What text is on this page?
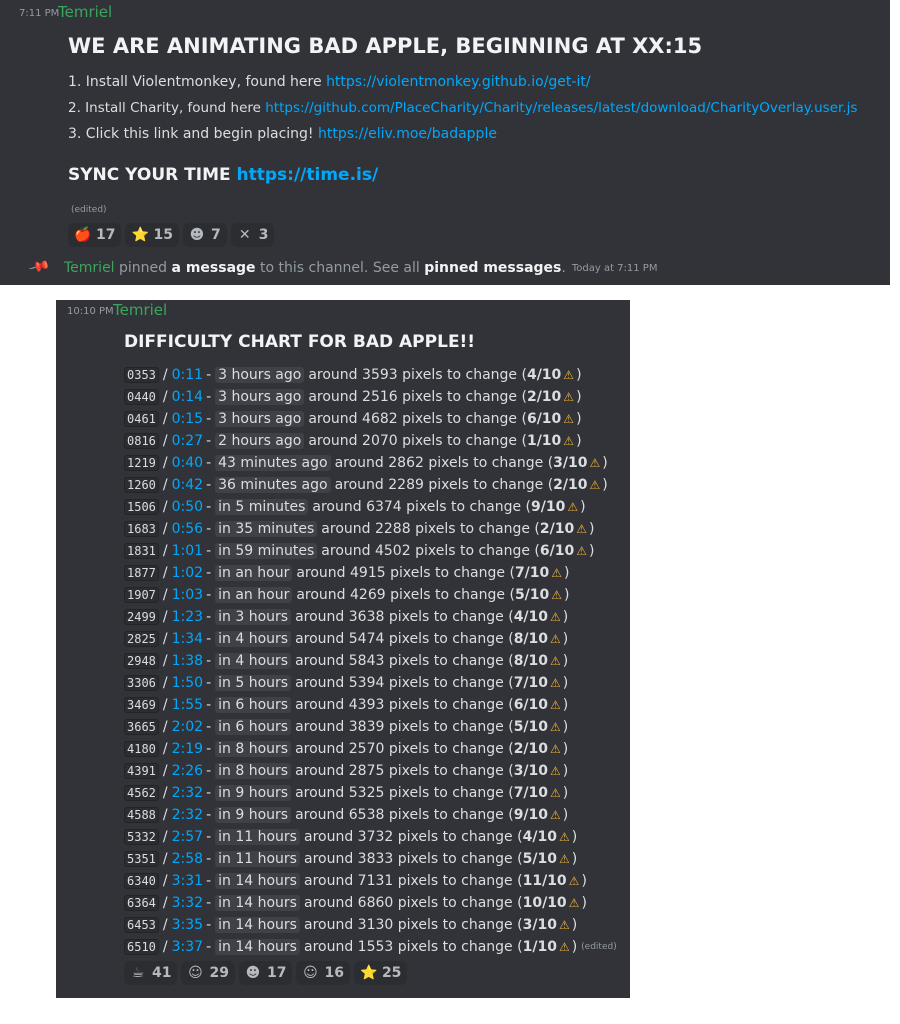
7:11 PM
Temriel
WE ARE ANIMATING BAD APPLE, BEGINNING AT XX:15
1. Install Violentmonkey, found here https://violentmonkey.github.io/get-it/
2. Install Charity, found here https://github.com/PlaceCharity/Charity/releases/latest/download/CharityOverlay.user.js
3. Click this link and begin placing! https://eliv.moe/badapple
SYNC YOUR TIME https://time.is/
(edited)
🍎 17 ⭐ 15 ☻ 7 ✕ 3
📌 Temriel pinned a message to this channel. See all pinned messages . Today at 7:11 PM
10:10 PM Temriel
DIFFICULTY CHART FOR BAD APPLE!!
0353 / 0:11 - 3 hours ago around 3593 pixels to change ( 4/10 ⚠ )
0440 / 0:14 - 3 hours ago around 2516 pixels to change ( 2/10 ⚠ )
0461 / 0:15 - 3 hours ago around 4682 pixels to change ( 6/10 ⚠ )
0816 / 0:27 - 2 hours ago around 2070 pixels to change ( 1/10 ⚠ )
1219 / 0:40 - 43 minutes ago around 2862 pixels to change ( 3/10 ⚠ )
1260 / 0:42 - 36 minutes ago around 2289 pixels to change ( 2/10 ⚠ )
1506 / 0:50 - in 5 minutes around 6374 pixels to change ( 9/10 ⚠ )
1683 / 0:56 - in 35 minutes around 2288 pixels to change ( 2/10 ⚠ )
1831 / 1:01 - in 59 minutes around 4502 pixels to change ( 6/10 ⚠ )
1877 / 1:02 - in an hour around 4915 pixels to change ( 7/10 ⚠ )
1907 / 1:03 - in an hour around 4269 pixels to change ( 5/10 ⚠ )
2499 / 1:23 - in 3 hours around 3638 pixels to change ( 4/10 ⚠ )
2825 / 1:34 - in 4 hours around 5474 pixels to change ( 8/10 ⚠ )
2948 / 1:38 - in 4 hours around 5843 pixels to change ( 8/10 ⚠ )
3306 / 1:50 - in 5 hours around 5394 pixels to change ( 7/10 ⚠ )
3469 / 1:55 - in 6 hours around 4393 pixels to change ( 6/10 ⚠ )
3665 / 2:02 - in 6 hours around 3839 pixels to change ( 5/10 ⚠ )
4180 / 2:19 - in 8 hours around 2570 pixels to change ( 2/10 ⚠ )
4391 / 2:26 - in 8 hours around 2875 pixels to change ( 3/10 ⚠ )
4562 / 2:32 - in 9 hours around 5325 pixels to change ( 7/10 ⚠ )
4588 / 2:32 - in 9 hours around 6538 pixels to change ( 9/10 ⚠ )
5332 / 2:57 - in 11 hours around 3732 pixels to change ( 4/10 ⚠ )
5351 / 2:58 - in 11 hours around 3833 pixels to change ( 5/10 ⚠ )
6340 / 3:31 - in 14 hours around 7131 pixels to change ( 11/10 ⚠ )
6364 / 3:32 - in 14 hours around 6860 pixels to change ( 10/10 ⚠ )
6453 / 3:35 - in 14 hours around 3130 pixels to change ( 3/10 ⚠ )
6510 / 3:37 - in 14 hours around 1553 pixels to change ( 1/10 ⚠ ) (edited)
☕ 41 ☺ 29 ☻ 17 ☺ 16 ⭐ 25
